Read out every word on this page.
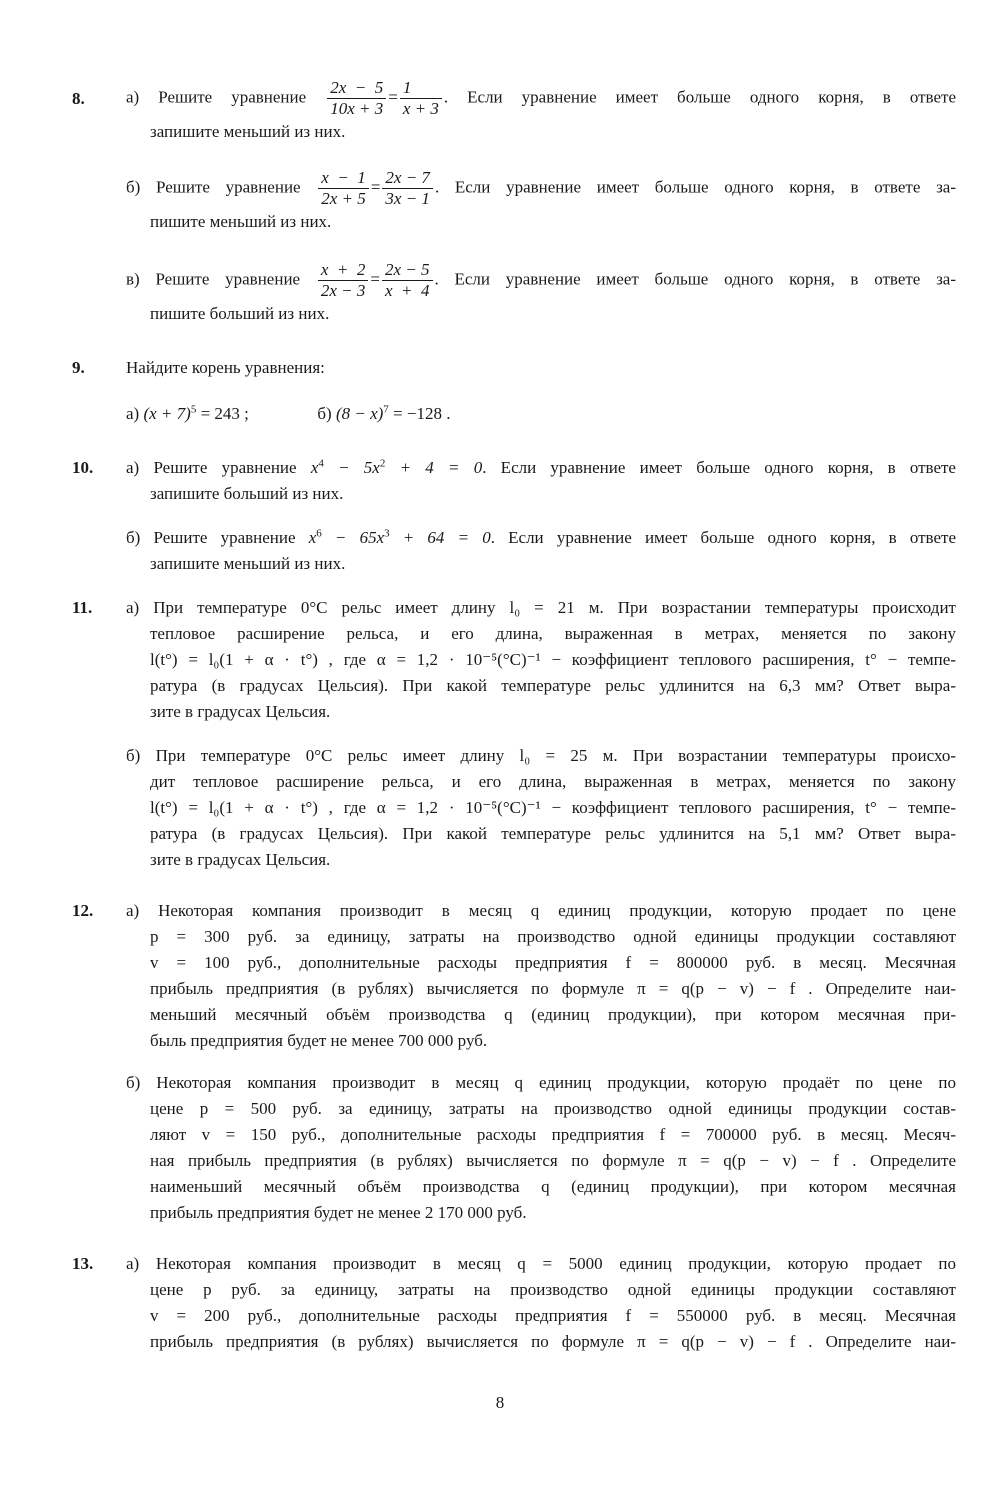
8. а) Решите уравнение $\frac{2x - 5}{10x + 3} = \frac{1}{x + 3}$ . Если уравнение имеет больше одного корня, в ответе
запишите меньший из них.
б) Решите уравнение $\frac{x - 1}{2x + 5} = \frac{2x - 7}{3x - 1}$ . Если уравнение имеет больше одного корня, в ответе за-
пишите меньший из них.
в) Решите уравнение $\frac{x + 2}{2x - 3} = \frac{2x - 5}{x + 4}$ . Если уравнение имеет больше одного корня, в ответе за-
пишите больший из них.
9. Найдите корень уравнения:
а) $(x + 7)^5 = 243$ ;	б) $(8 - x)^7 = -128$ .
10. а) Решите уравнение $x^4 - 5x^2 + 4 = 0$. Если уравнение имеет больше одного корня, в ответе
запишите больший из них.
б) Решите уравнение $x^6 - 65x^3 + 64 = 0$. Если уравнение имеет больше одного корня, в ответе
запишите меньший из них.
11. а) При температуре 0°C рельс имеет длину l₀ = 21 м. При возрастании температуры происходит
тепловое расширение рельса, и его длина, выраженная в метрах, меняется по закону
l(t°) = l₀(1 + α · t°) , где α = 1,2 · 10⁻⁵(°C)⁻¹ − коэффициент теплового расширения, t° − темпе-
ратура (в градусах Цельсия). При какой температуре рельс удлинится на 6,3 мм? Ответ выра-
зите в градусах Цельсия.
б) При температуре 0°C рельс имеет длину l₀ = 25 м. При возрастании температуры происхо-
дит тепловое расширение рельса, и его длина, выраженная в метрах, меняется по закону
l(t°) = l₀(1 + α · t°) , где α = 1,2 · 10⁻⁵(°C)⁻¹ − коэффициент теплового расширения, t° − темпе-
ратура (в градусах Цельсия). При какой температуре рельс удлинится на 5,1 мм? Ответ выра-
зите в градусах Цельсия.
12. а) Некоторая компания производит в месяц q единиц продукции, которую продает по цене
p = 300 руб. за единицу, затраты на производство одной единицы продукции составляют
v = 100 руб., дополнительные расходы предприятия f = 800000 руб. в месяц. Месячная
прибыль предприятия (в рублях) вычисляется по формуле π = q(p − v) − f . Определите наи-
меньший месячный объём производства q (единиц продукции), при котором месячная при-
быль предприятия будет не менее 700 000 руб.
б) Некоторая компания производит в месяц q единиц продукции, которую продаёт по цене по
цене p = 500 руб. за единицу, затраты на производство одной единицы продукции состав-
ляют v = 150 руб., дополнительные расходы предприятия f = 700000 руб. в месяц. Месяч-
ная прибыль предприятия (в рублях) вычисляется по формуле π = q(p − v) − f . Определите
наименьший месячный объём производства q (единиц продукции), при котором месячная
прибыль предприятия будет не менее 2 170 000 руб.
13. а) Некоторая компания производит в месяц q = 5000 единиц продукции, которую продает по
цене p руб. за единицу, затраты на производство одной единицы продукции составляют
v = 200 руб., дополнительные расходы предприятия f = 550000 руб. в месяц. Месячная
прибыль предприятия (в рублях) вычисляется по формуле π = q(p − v) − f . Определите наи-
8
